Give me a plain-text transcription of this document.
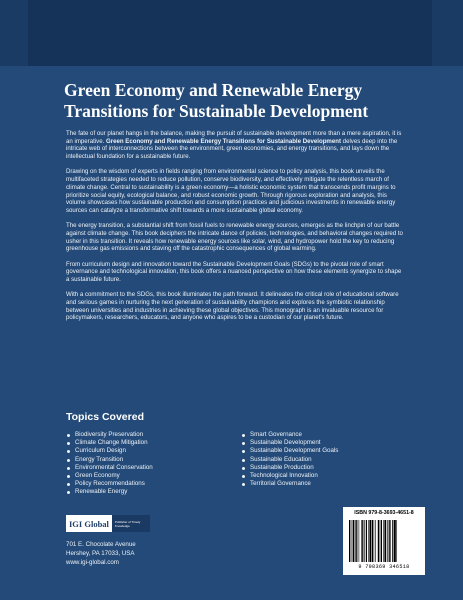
Green Economy and Renewable Energy
Transitions for Sustainable Development

The fate of our planet hangs in the balance, making the pursuit of sustainable development more than a mere aspiration, it is an imperative. Green Economy and Renewable Energy Transitions for Sustainable Development delves deep into the intricate web of interconnections between the environment, green economies, and energy transitions, and lays down the intellectual foundation for a sustainable future.

Drawing on the wisdom of experts in fields ranging from environmental science to policy analysis, this book unveils the multifaceted strategies needed to reduce pollution, conserve biodiversity, and effectively mitigate the relentless march of climate change. Central to sustainability is a green economy—a holistic economic system that transcends profit margins to prioritize social equity, ecological balance, and robust economic growth. Through rigorous exploration and analysis, this volume showcases how sustainable production and consumption practices and judicious investments in renewable energy sources can catalyze a transformative shift towards a more sustainable global economy.

The energy transition, a substantial shift from fossil fuels to renewable energy sources, emerges as the linchpin of our battle against climate change. This book deciphers the intricate dance of policies, technologies, and behavioral changes required to usher in this transition. It reveals how renewable energy sources like solar, wind, and hydropower hold the key to reducing greenhouse gas emissions and staving off the catastrophic consequences of global warming.

From curriculum design and innovation toward the Sustainable Development Goals (SDGs) to the pivotal role of smart governance and technological innovation, this book offers a nuanced perspective on how these elements synergize to shape a sustainable future.

With a commitment to the SDGs, this book illuminates the path forward. It delineates the critical role of educational software and serious games in nurturing the next generation of sustainability champions and explores the symbiotic relationship between universities and industries in achieving these global objectives. This monograph is an invaluable resource for policymakers, researchers, educators, and anyone who aspires to be a custodian of our planet's future.

Topics Covered
Biodiversity Preservation
Climate Change Mitigation
Curriculum Design
Energy Transition
Environmental Conservation
Green Economy
Policy Recommendations
Renewable Energy
Smart Governance
Sustainable Development
Sustainable Development Goals
Sustainable Education
Sustainable Production
Technological Innovation
Territorial Governance
IGI Global	Publisher of Timely Knowledge
701 E. Chocolate Avenue
Hershey, PA 17033, USA
www.igi-global.com
ISBN 979-8-3693-4651-8
9 798369 346518
